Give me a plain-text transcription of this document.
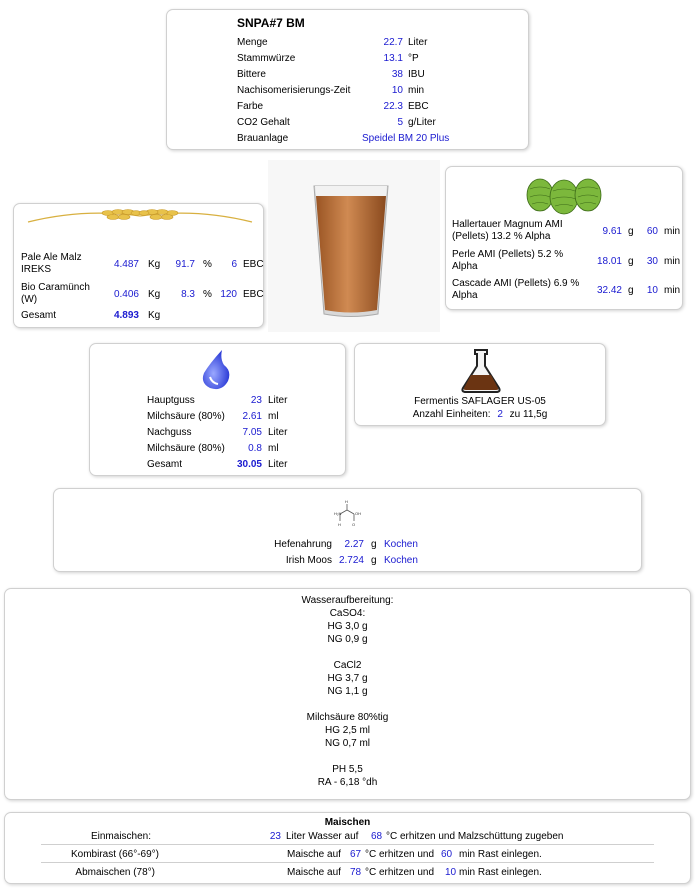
SNPA#7 BM
Menge	22.7 Liter
Stammwürze	13.1 °P
Bittere	38 IBU
Nachisomerisierungs-Zeit	10 min
Farbe	22.3 EBC
CO2 Gehalt	5 g/Liter
Brauanlage	Speidel BM 20 Plus
Pale Ale Malz IREKS	4.487 Kg	91.7 %	6 EBC
Bio Caramünch (W)	0.406 Kg	8.3 % 120 EBC
Gesamt	4.893 Kg
Hallertauer Magnum AMI (Pellets) 13.2 % Alpha	9.61 g	60 min
Perle AMI (Pellets) 5.2 % Alpha	18.01 g	30 min
Cascade AMI (Pellets) 6.9 % Alpha	32.42 g	10 min
Hauptguss	23 Liter
Milchsäure (80%)	2.61 ml
Nachguss	7.05 Liter
Milchsäure (80%)	0.8 ml
Gesamt	30.05 Liter
Fermentis SAFLAGER US-05
Anzahl Einheiten: 2 zu 11,5g
H₂N	OH
H
H	O
Hefenahrung	2.27 g Kochen
Irish Moos 2.724 g Kochen
Wasseraufbereitung:
CaSO4:
HG 3,0 g
NG 0,9 g
CaCl2
HG 3,7 g
NG 1,1 g
Milchsäure 80%tig
HG 2,5 ml
NG 0,7 ml
PH 5,5
RA - 6,18 °dh
Maischen
Einmaischen:	23 Liter Wasser auf 68 °C erhitzen und Malzschüttung zugeben
Kombirast (66°-69°)	Maische auf 67 °C erhitzen und 60 min Rast einlegen.
Abmaischen (78°)	Maische auf 78 °C erhitzen und 10 min Rast einlegen.
